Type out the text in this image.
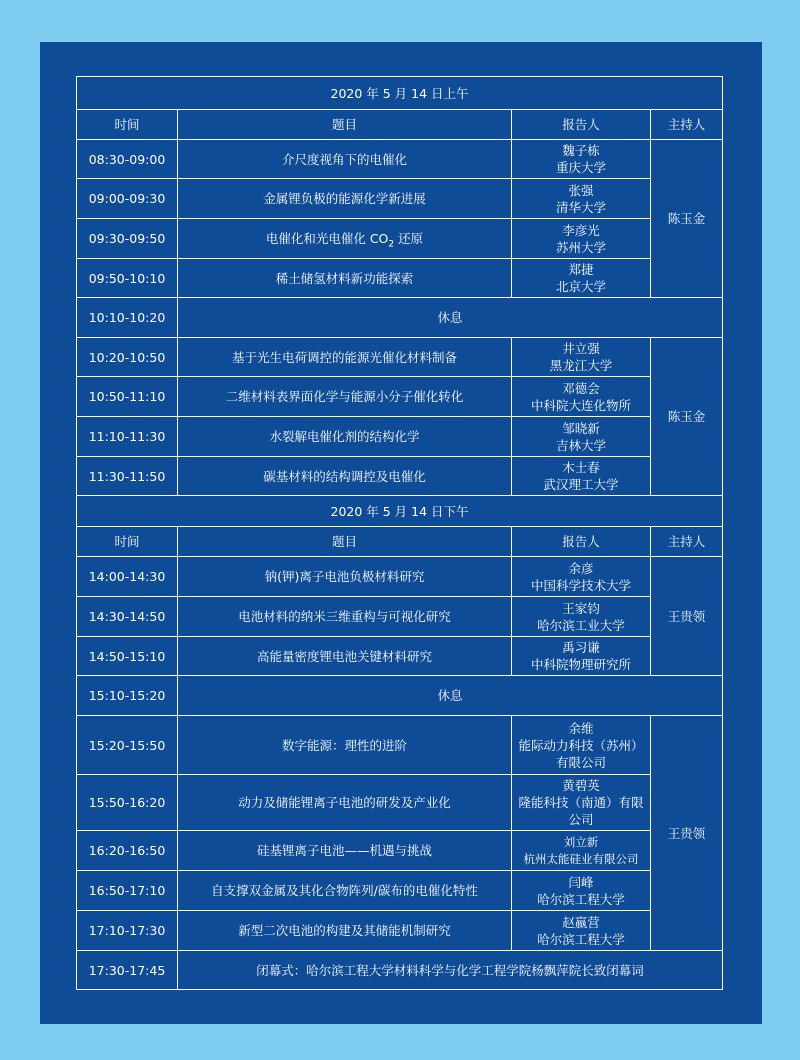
2020 年 5 月 14 日上午			
时间	题目	报告人	主持人
08:30-09:00	介尺度视角下的电催化	魏子栋
重庆大学	陈玉金
09:00-09:30	金属锂负极的能源化学新进展	张强
清华大学	

09:30-09:50	电催化和光电催化 $CO_2$ 还原	李彦光
苏州大学	

09:50-10:10	稀土储氢材料新功能探索	郑捷
北京大学	

10:10-10:20	休息		
10:20-10:50	基于光生电荷调控的能源光催化材料制备	井立强
黑龙江大学	陈玉金
10:50-11:10	二维材料表界面化学与能源小分子催化转化	邓德会
中科院大连化物所	

11:10-11:30	水裂解电催化剂的结构化学	邹晓新
吉林大学	

11:30-11:50	碳基材料的结构调控及电催化	木士春
武汉理工大学	

2020 年 5 月 14 日下午			
时间	题目	报告人	主持人
14:00-14:30	钠(钾)离子电池负极材料研究	余彦
中国科学技术大学	王贵领
14:30-14:50	电池材料的纳米三维重构与可视化研究	王家钧
哈尔滨工业大学	

14:50-15:10	高能量密度锂电池关键材料研究	禹习谦
中科院物理研究所	

15:10-15:20	休息		
15:20-15:50	数字能源：理性的进阶	余维
能际动力科技（苏州）有限公司	王贵领
15:50-16:20	动力及储能锂离子电池的研发及产业化	黄碧英
隆能科技（南通）有限公司	

16:20-16:50	硅基锂离子电池——机遇与挑战	刘立新
杭州太能硅业有限公司	

16:50-17:10	自支撑双金属及其化合物阵列/碳布的电催化特性	闫峰
哈尔滨工程大学	

17:10-17:30	新型二次电池的构建及其储能机制研究	赵嬴营
哈尔滨工程大学	

17:30-17:45	闭幕式：哈尔滨工程大学材料科学与化学工程学院杨飘萍院长致闭幕词		
